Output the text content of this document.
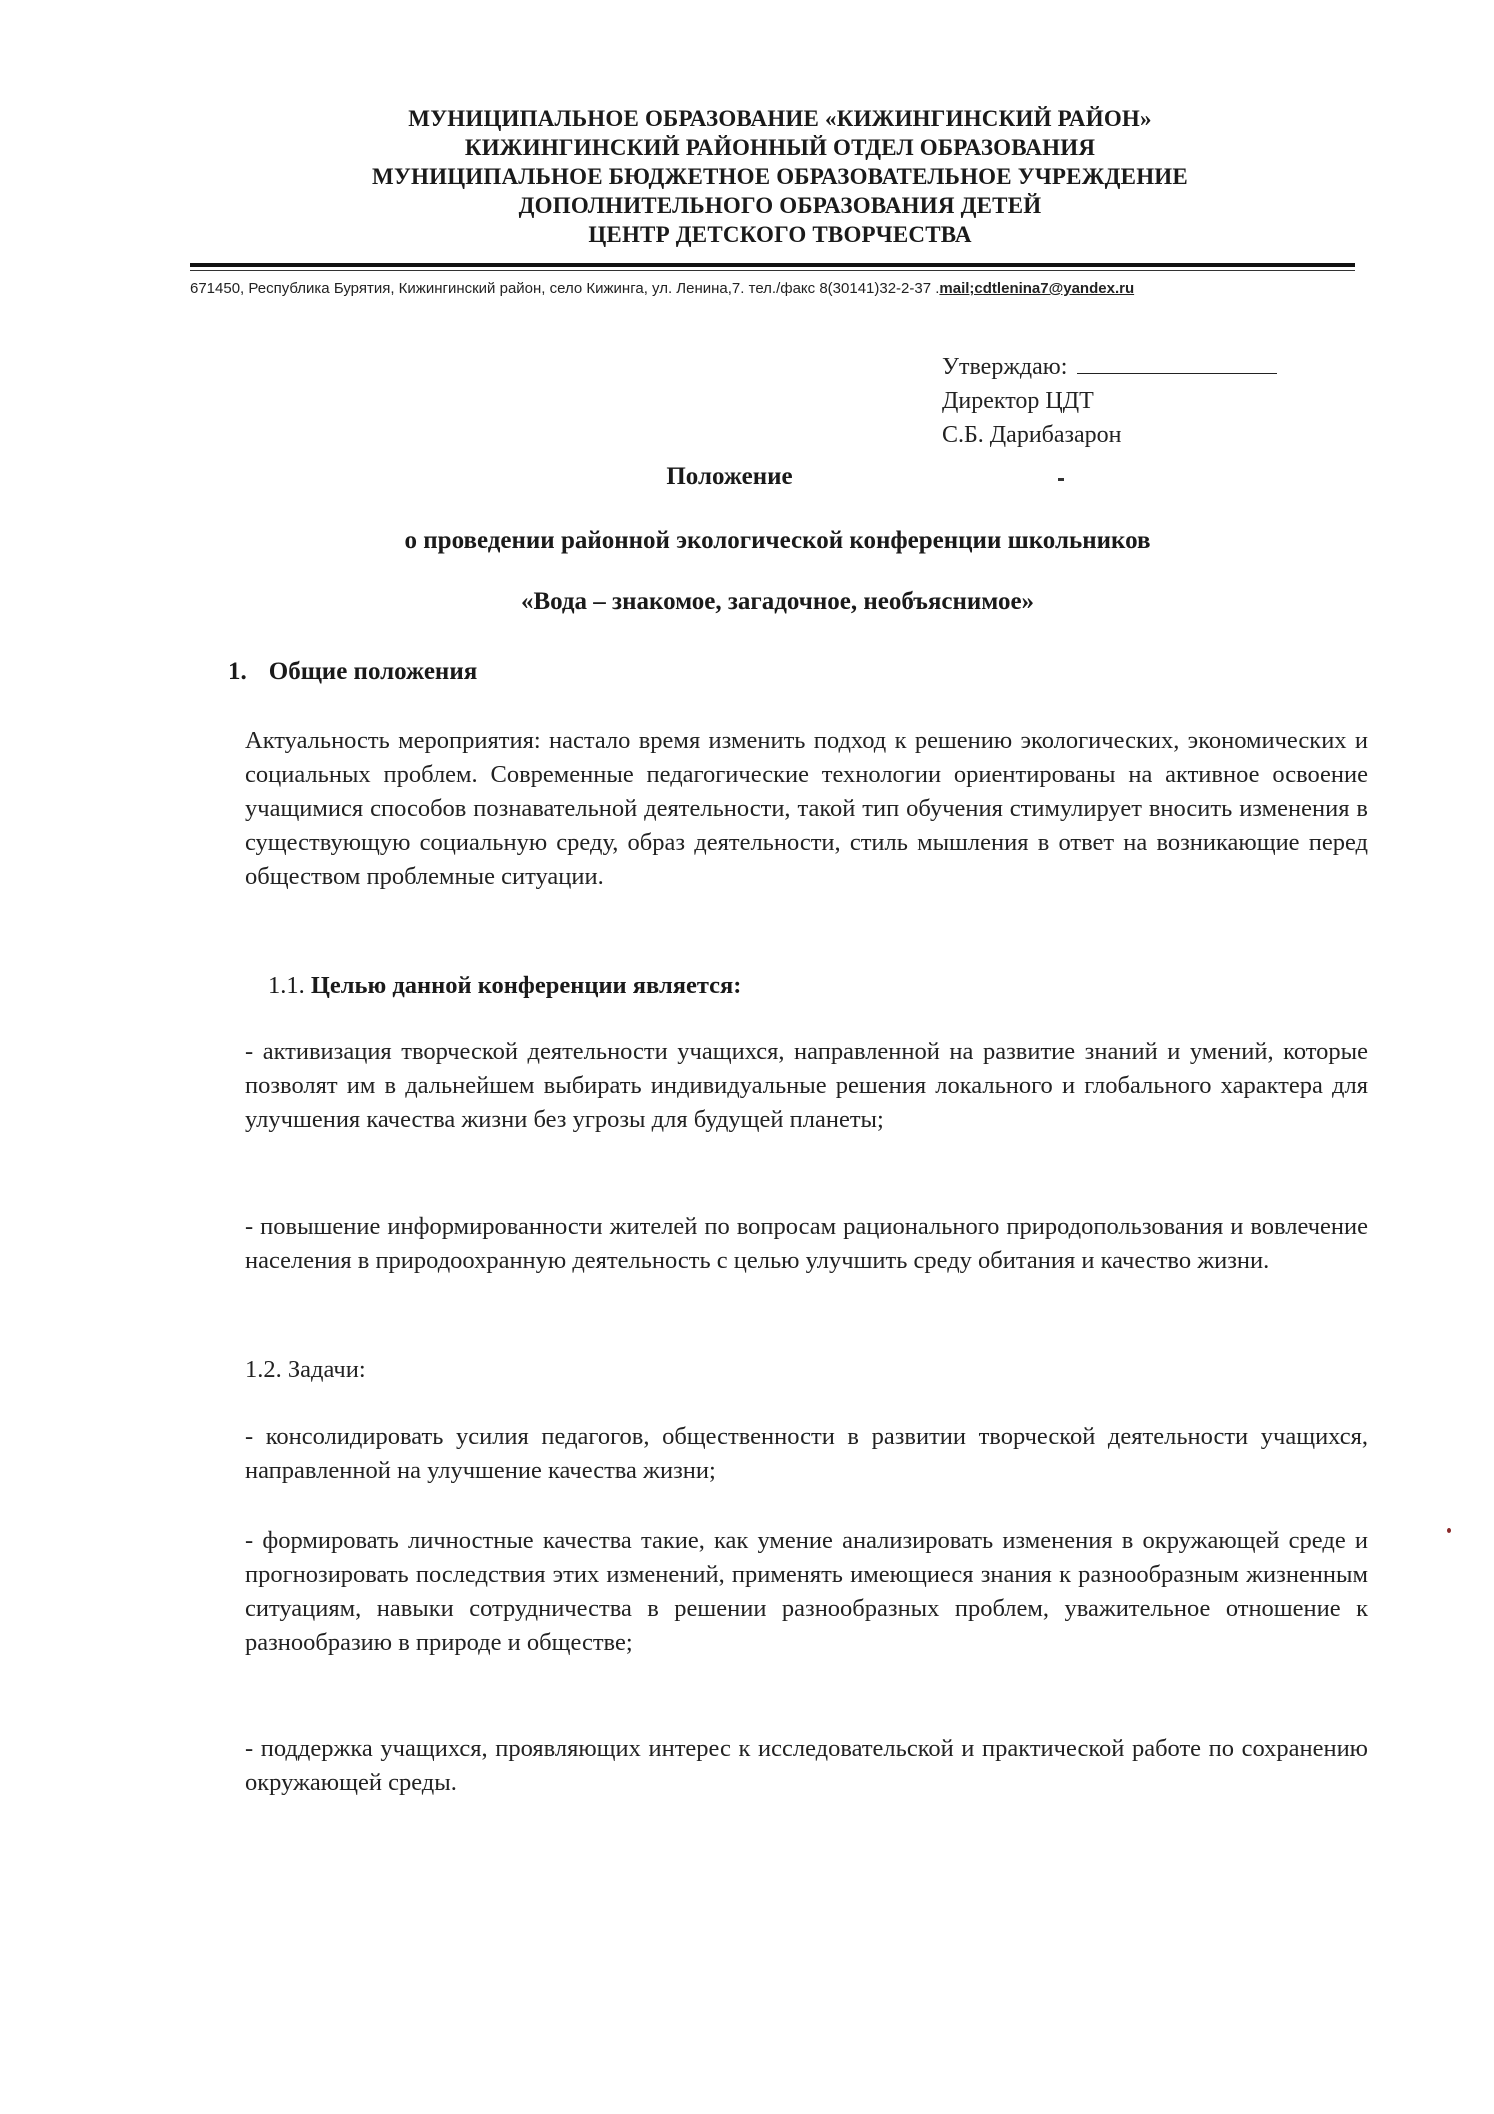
МУНИЦИПАЛЬНОЕ ОБРАЗОВАНИЕ «КИЖИНГИНСКИЙ РАЙОН»
КИЖИНГИНСКИЙ РАЙОННЫЙ ОТДЕЛ ОБРАЗОВАНИЯ
МУНИЦИПАЛЬНОЕ БЮДЖЕТНОЕ ОБРАЗОВАТЕЛЬНОЕ УЧРЕЖДЕНИЕ
ДОПОЛНИТЕЛЬНОГО ОБРАЗОВАНИЯ ДЕТЕЙ
ЦЕНТР ДЕТСКОГО ТВОРЧЕСТВА
671450, Республика Бурятия, Кижингинский район, село Кижинга, ул. Ленина,7. тел./факс 8(30141)32-2-37 .mail;cdtlenina7@yandex.ru
Утверждаю:
Директор ЦДТ
С.Б. Дарибазарон
Положение
о проведении районной экологической конференции школьников
«Вода – знакомое, загадочное, необъяснимое»
1. Общие положения
Актуальность мероприятия: настало время изменить подход к решению экологических, экономических и социальных проблем. Современные педагогические технологии ориентированы на активное освоение учащимися способов познавательной деятельности, такой тип обучения стимулирует вносить изменения в существующую социальную среду, образ деятельности, стиль мышления в ответ на возникающие перед обществом проблемные ситуации.
1.1. Целью данной конференции является:
- активизация творческой деятельности учащихся, направленной на развитие знаний и умений, которые позволят им в дальнейшем выбирать индивидуальные решения локального и глобального характера для улучшения качества жизни без угрозы для будущей планеты;
- повышение информированности жителей по вопросам рационального природопользования и вовлечение населения в природоохранную деятельность с целью улучшить среду обитания и качество жизни.
1.2. Задачи:
- консолидировать усилия педагогов, общественности в развитии творческой деятельности учащихся, направленной на улучшение качества жизни;
- формировать личностные качества такие, как умение анализировать изменения в окружающей среде и прогнозировать последствия этих изменений, применять имеющиеся знания к разнообразным жизненным ситуациям, навыки сотрудничества в решении разнообразных проблем, уважительное отношение к разнообразию в природе и обществе;
- поддержка учащихся, проявляющих интерес к исследовательской и практической работе по сохранению окружающей среды.
